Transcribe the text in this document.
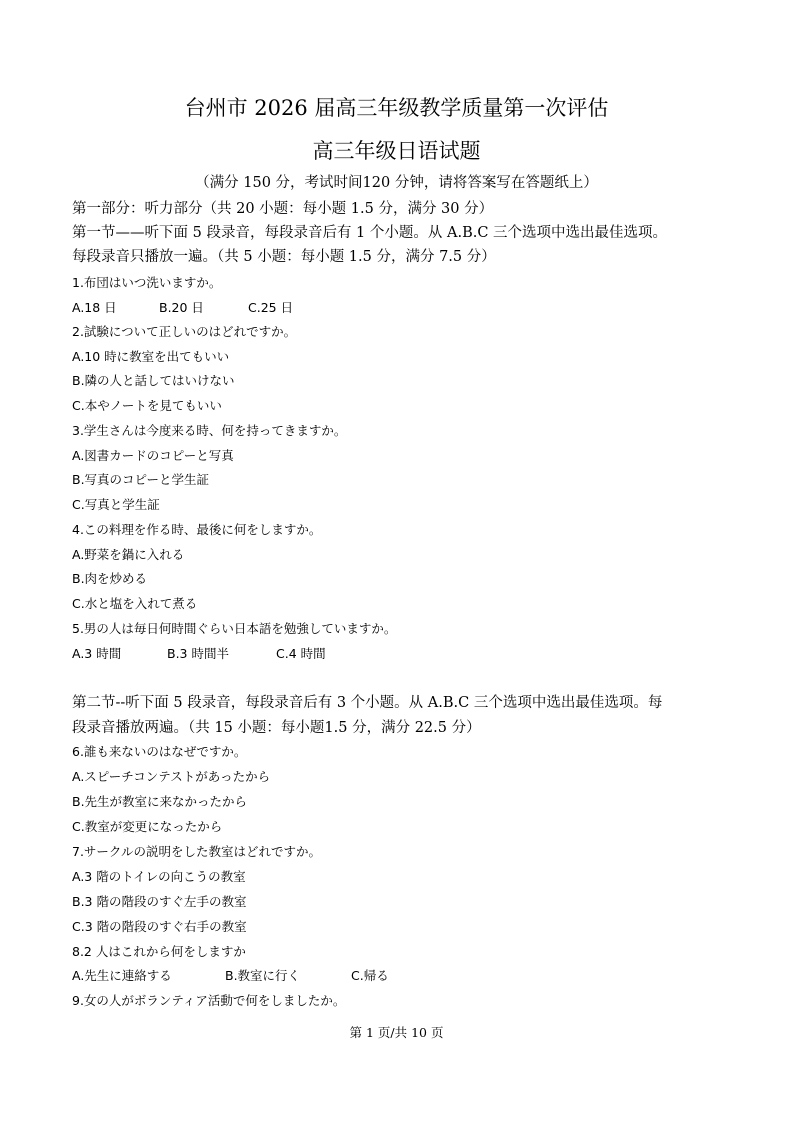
台州市 2026 届高三年级教学质量第一次评估
高三年级日语试题
（满分 150 分，考试时间120 分钟，请将答案写在答题纸上）
第一部分：听力部分（共 20 小题：每小题 1.5 分，满分 30 分）
第一节——听下面 5 段录音，每段录音后有 1 个小题。从 A.B.C 三个选项中选出最佳选项。
每段录音只播放一遍。（共 5 小题：每小题 1.5 分，满分 7.5 分）
1.布団はいつ洗いますか。
A.18 日	B.20 日	C.25 日
2.試験について正しいのはどれですか。
A.10 時に教室を出てもいい
B.隣の人と話してはいけない
C.本やノートを見てもいい
3.学生さんは今度来る時、何を持ってきますか。
A.図書カードのコピーと写真
B.写真のコピーと学生証
C.写真と学生証
4.この料理を作る時、最後に何をしますか。
A.野菜を鍋に入れる
B.肉を炒める
C.水と塩を入れて煮る
5.男の人は毎日何時間ぐらい日本語を勉強していますか。
A.3 時間	B.3 時間半	C.4 時間
第二节--听下面 5 段录音，每段录音后有 3 个小题。从 A.B.C 三个选项中选出最佳选项。每
段录音播放两遍。（共 15 小题：每小题1.5 分，满分 22.5 分）
6.誰も来ないのはなぜですか。
A.スピーチコンテストがあったから
B.先生が教室に来なかったから
C.教室が変更になったから
7.サークルの説明をした教室はどれですか。
A.3 階のトイレの向こうの教室
B.3 階の階段のすぐ左手の教室
C.3 階の階段のすぐ右手の教室
8.2 人はこれから何をしますか
A.先生に連絡する	B.教室に行く	C.帰る
9.女の人がボランティア活動で何をしましたか。
第 1 页/共 10 页
